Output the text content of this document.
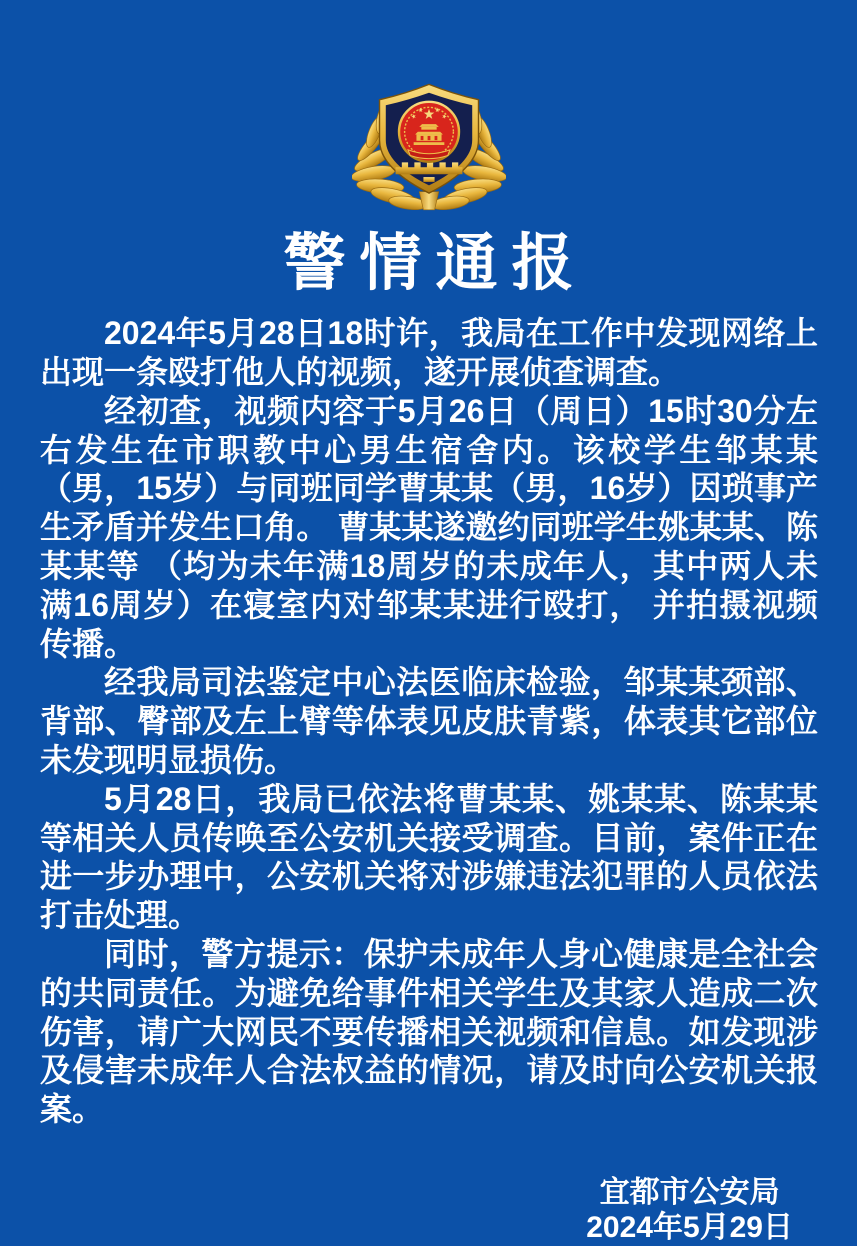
警情通报

2024年5月28日18时许，我局在工作中发现网络上出现一条殴打他人的视频，遂开展侦查调查。

经初查，视频内容于5月26日（周日）15时30分左右发生在市职教中心男生宿舍内。该校学生邹某某 （男，15岁）与同班同学曹某某（男，16岁）因琐事产生矛盾并发生口角。 曹某某遂邀约同班学生姚某某、陈某某等 （均为未年满18周岁的未成年人，其中两人未满16周岁）在寝室内对邹某某进行殴打， 并拍摄视频传播。

经我局司法鉴定中心法医临床检验，邹某某颈部、背部、臀部及左上臂等体表见皮肤青紫，体表其它部位未发现明显损伤。

5月28日，我局已依法将曹某某、姚某某、陈某某等相关人员传唤至公安机关接受调查。目前，案件正在进一步办理中，公安机关将对涉嫌违法犯罪的人员依法打击处理。

同时，警方提示：保护未成年人身心健康是全社会的共同责任。为避免给事件相关学生及其家人造成二次伤害，请广大网民不要传播相关视频和信息。如发现涉及侵害未成年人合法权益的情况，请及时向公安机关报案。

宜都市公安局
2024年5月29日
